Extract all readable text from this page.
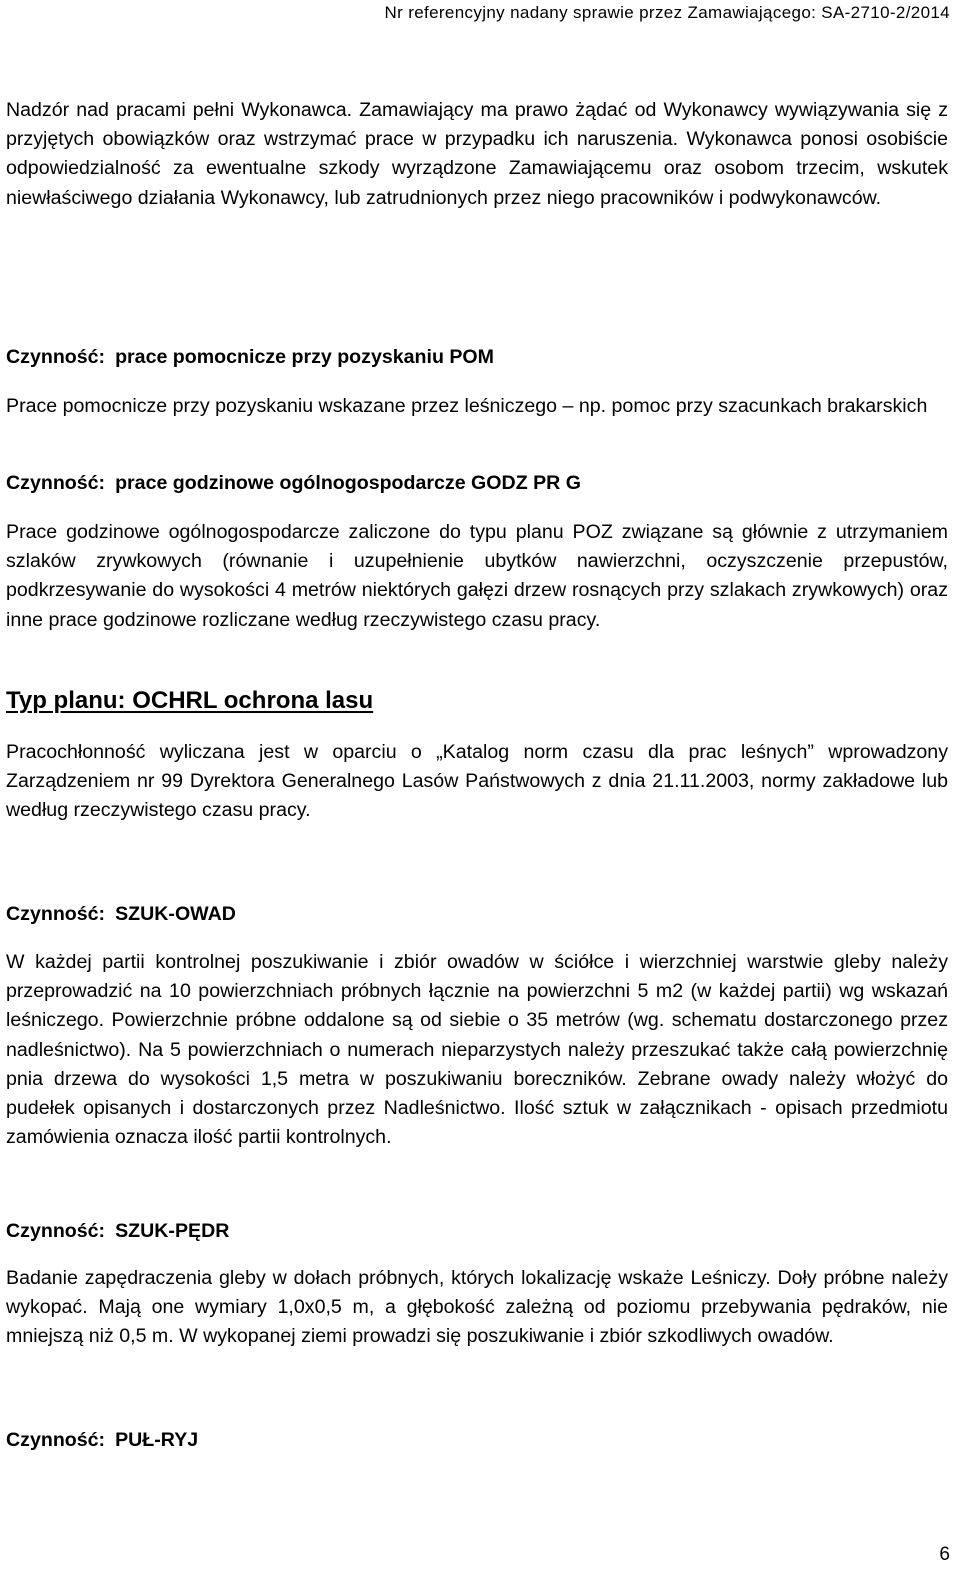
Nr referencyjny nadany sprawie przez Zamawiającego: SA-2710-2/2014

Nadzór nad pracami pełni Wykonawca. Zamawiający ma prawo żądać od Wykonawcy wywiązywania się z przyjętych obowiązków oraz wstrzymać prace w przypadku ich naruszenia. Wykonawca ponosi osobiście odpowiedzialność za ewentualne szkody wyrządzone Zamawiającemu oraz osobom trzecim, wskutek niewłaściwego działania Wykonawcy, lub zatrudnionych przez niego pracowników i podwykonawców.

Czynność: prace pomocnicze przy pozyskaniu POM

Prace pomocnicze przy pozyskaniu wskazane przez leśniczego – np. pomoc przy szacunkach brakarskich

Czynność: prace godzinowe ogólnogospodarcze GODZ PR G

Prace godzinowe ogólnogospodarcze zaliczone do typu planu POZ związane są głównie z utrzymaniem szlaków zrywkowych (równanie i uzupełnienie ubytków nawierzchni, oczyszczenie przepustów, podkrzesywanie do wysokości 4 metrów niektórych gałęzi drzew rosnących przy szlakach zrywkowych) oraz inne prace godzinowe rozliczane według rzeczywistego czasu pracy.

Typ planu: OCHRL ochrona lasu

Pracochłonność wyliczana jest w oparciu o „Katalog norm czasu dla prac leśnych” wprowadzony Zarządzeniem nr 99 Dyrektora Generalnego Lasów Państwowych z dnia 21.11.2003, normy zakładowe lub według rzeczywistego czasu pracy.

Czynność: SZUK-OWAD

W każdej partii kontrolnej poszukiwanie i zbiór owadów w ściółce i wierzchniej warstwie gleby należy przeprowadzić na 10 powierzchniach próbnych łącznie na powierzchni 5 m2 (w każdej partii) wg wskazań leśniczego. Powierzchnie próbne oddalone są od siebie o 35 metrów (wg. schematu dostarczonego przez nadleśnictwo). Na 5 powierzchniach o numerach nieparzystych należy przeszukać także całą powierzchnię pnia drzewa do wysokości 1,5 metra w poszukiwaniu boreczników. Zebrane owady należy włożyć do pudełek opisanych i dostarczonych przez Nadleśnictwo. Ilość sztuk w załącznikach - opisach przedmiotu zamówienia oznacza ilość partii kontrolnych.

Czynność: SZUK-PĘDR

Badanie zapędraczenia gleby w dołach próbnych, których lokalizację wskaże Leśniczy. Doły próbne należy wykopać. Mają one wymiary 1,0x0,5 m, a głębokość zależną od poziomu przebywania pędraków, nie mniejszą niż 0,5 m. W wykopanej ziemi prowadzi się poszukiwanie i zbiór szkodliwych owadów.

Czynność: PUŁ-RYJ

6
